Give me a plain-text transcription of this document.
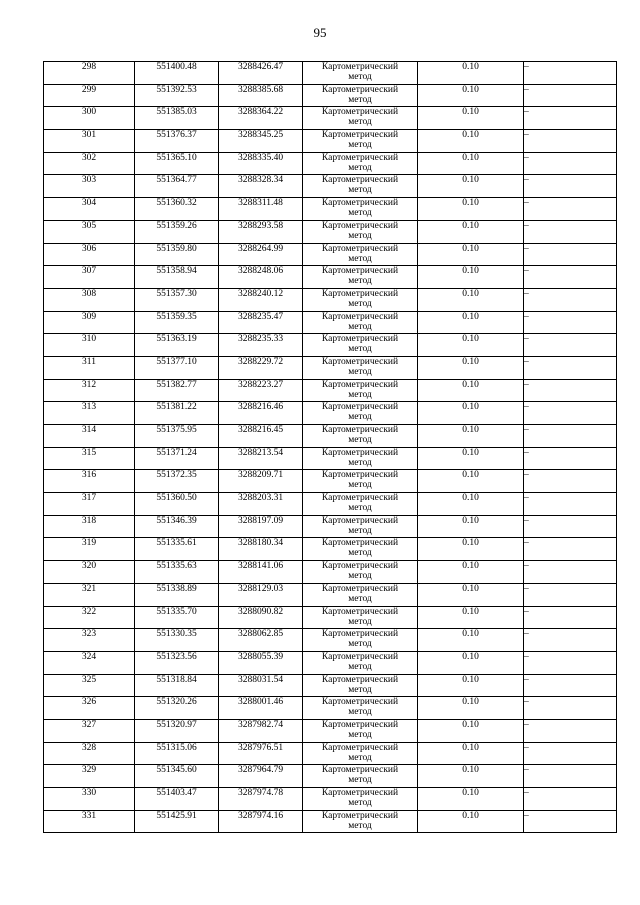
95
298	551400.48	3288426.47	Картометрический метод	0.10	–
299	551392.53	3288385.68	Картометрический метод	0.10	–
300	551385.03	3288364.22	Картометрический метод	0.10	–
301	551376.37	3288345.25	Картометрический метод	0.10	–
302	551365.10	3288335.40	Картометрический метод	0.10	–
303	551364.77	3288328.34	Картометрический метод	0.10	–
304	551360.32	3288311.48	Картометрический метод	0.10	–
305	551359.26	3288293.58	Картометрический метод	0.10	–
306	551359.80	3288264.99	Картометрический метод	0.10	–
307	551358.94	3288248.06	Картометрический метод	0.10	–
308	551357.30	3288240.12	Картометрический метод	0.10	–
309	551359.35	3288235.47	Картометрический метод	0.10	–
310	551363.19	3288235.33	Картометрический метод	0.10	–
311	551377.10	3288229.72	Картометрический метод	0.10	–
312	551382.77	3288223.27	Картометрический метод	0.10	–
313	551381.22	3288216.46	Картометрический метод	0.10	–
314	551375.95	3288216.45	Картометрический метод	0.10	–
315	551371.24	3288213.54	Картометрический метод	0.10	–
316	551372.35	3288209.71	Картометрический метод	0.10	–
317	551360.50	3288203.31	Картометрический метод	0.10	–
318	551346.39	3288197.09	Картометрический метод	0.10	–
319	551335.61	3288180.34	Картометрический метод	0.10	–
320	551335.63	3288141.06	Картометрический метод	0.10	–
321	551338.89	3288129.03	Картометрический метод	0.10	–
322	551335.70	3288090.82	Картометрический метод	0.10	–
323	551330.35	3288062.85	Картометрический метод	0.10	–
324	551323.56	3288055.39	Картометрический метод	0.10	–
325	551318.84	3288031.54	Картометрический метод	0.10	–
326	551320.26	3288001.46	Картометрический метод	0.10	–
327	551320.97	3287982.74	Картометрический метод	0.10	–
328	551315.06	3287976.51	Картометрический метод	0.10	–
329	551345.60	3287964.79	Картометрический метод	0.10	–
330	551403.47	3287974.78	Картометрический метод	0.10	–
331	551425.91	3287974.16	Картометрический метод	0.10	–
